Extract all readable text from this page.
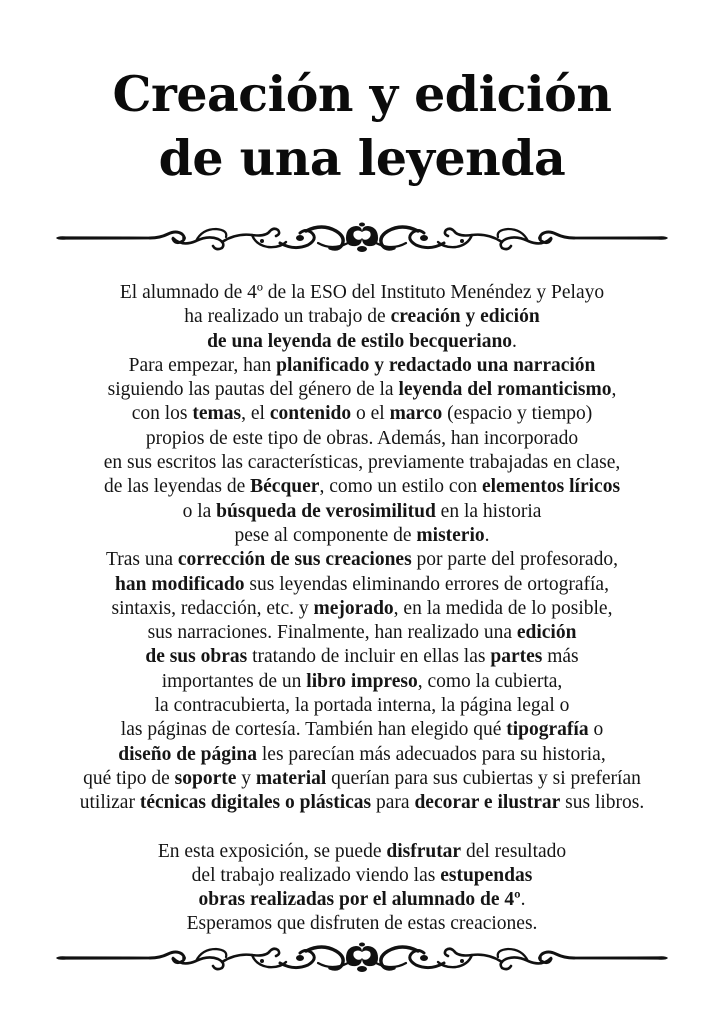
Creación y edición
de una leyenda
El alumnado de 4º de la ESO del Instituto Menéndez y Pelayo
ha realizado un trabajo de creación y edición
de una leyenda de estilo becqueriano.
Para empezar, han planificado y redactado una narración
siguiendo las pautas del género de la leyenda del romanticismo,
con los temas, el contenido o el marco (espacio y tiempo)
propios de este tipo de obras. Además, han incorporado
en sus escritos las características, previamente trabajadas en clase,
de las leyendas de Bécquer, como un estilo con elementos líricos
o la búsqueda de verosimilitud en la historia
pese al componente de misterio.
Tras una corrección de sus creaciones por parte del profesorado,
han modificado sus leyendas eliminando errores de ortografía,
sintaxis, redacción, etc. y mejorado, en la medida de lo posible,
sus narraciones. Finalmente, han realizado una edición
de sus obras tratando de incluir en ellas las partes más
importantes de un libro impreso, como la cubierta,
la contracubierta, la portada interna, la página legal o
las páginas de cortesía. También han elegido qué tipografía o
diseño de página les parecían más adecuados para su historia,
qué tipo de soporte y material querían para sus cubiertas y si preferían
utilizar técnicas digitales o plásticas para decorar e ilustrar sus libros.
En esta exposición, se puede disfrutar del resultado
del trabajo realizado viendo las estupendas
obras realizadas por el alumnado de 4º.
Esperamos que disfruten de estas creaciones.
